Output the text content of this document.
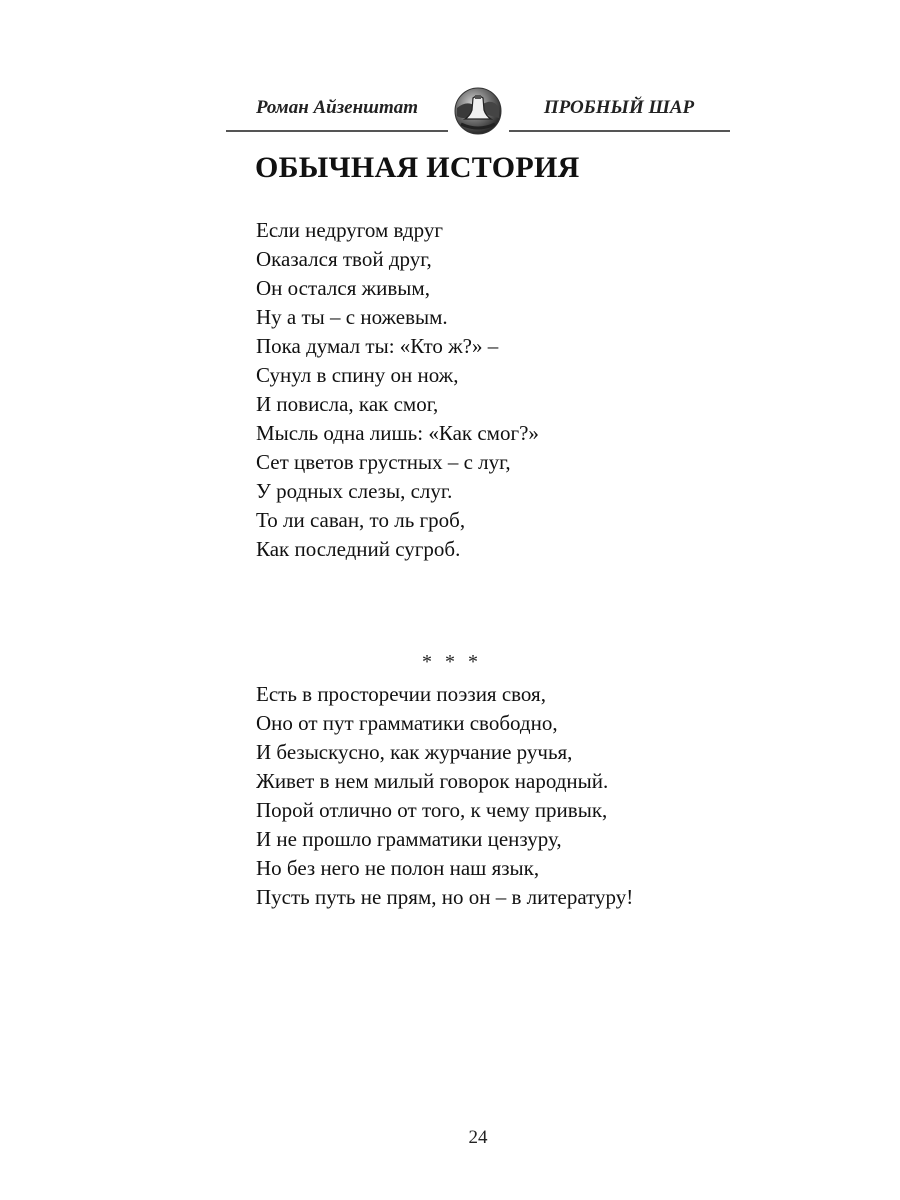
Роман Айзенштат	ПРОБНЫЙ ШАР
ОБЫЧНАЯ ИСТОРИЯ
Если недругом вдруг
Оказался твой друг,
Он остался живым,
Ну а ты – с ножевым.
Пока думал ты: «Кто ж?» –
Сунул в спину он нож,
И повисла, как смог,
Мысль одна лишь: «Как смог?»
Сет цветов грустных – с луг,
У родных слезы, слуг.
То ли саван, то ль гроб,
Как последний сугроб.
* * *
Есть в просторечии поэзия своя,
Оно от пут грамматики свободно,
И безыскусно, как журчание ручья,
Живет в нем милый говорок народный.
Порой отлично от того, к чему привык,
И не прошло грамматики цензуру,
Но без него не полон наш язык,
Пусть путь не прям, но он – в литературу!
24
